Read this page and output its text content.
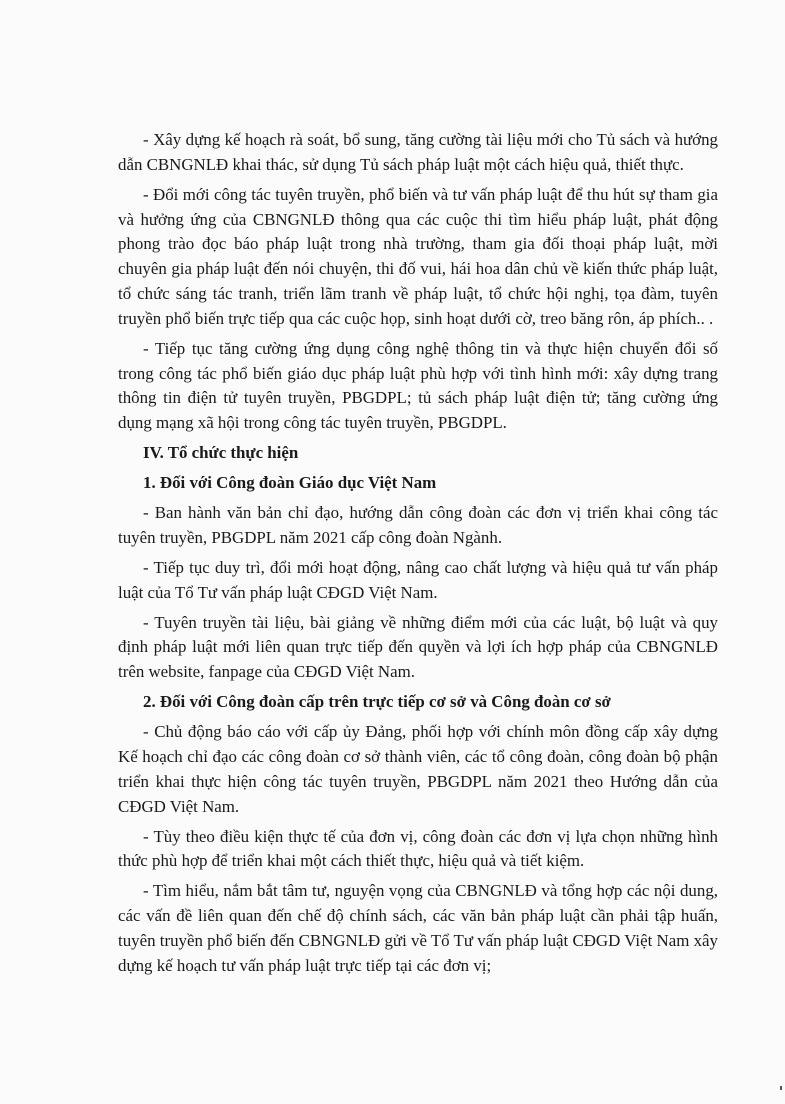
- Xây dựng kế hoạch rà soát, bổ sung, tăng cường tài liệu mới cho Tủ sách và hướng dẫn CBNGNLĐ khai thác, sử dụng Tủ sách pháp luật một cách hiệu quả, thiết thực.

- Đổi mới công tác tuyên truyền, phổ biến và tư vấn pháp luật để thu hút sự tham gia và hưởng ứng của CBNGNLĐ thông qua các cuộc thi tìm hiểu pháp luật, phát động phong trào đọc báo pháp luật trong nhà trường, tham gia đối thoại pháp luật, mời chuyên gia pháp luật đến nói chuyện, thi đố vui, hái hoa dân chủ về kiến thức pháp luật, tổ chức sáng tác tranh, triển lãm tranh về pháp luật, tổ chức hội nghị, tọa đàm, tuyên truyền phổ biến trực tiếp qua các cuộc họp, sinh hoạt dưới cờ, treo băng rôn, áp phích.. .

- Tiếp tục tăng cường ứng dụng công nghệ thông tin và thực hiện chuyển đổi số trong công tác phổ biến giáo dục pháp luật phù hợp với tình hình mới: xây dựng trang thông tin điện tử tuyên truyền, PBGDPL; tủ sách pháp luật điện tử; tăng cường ứng dụng mạng xã hội trong công tác tuyên truyền, PBGDPL.

IV. Tổ chức thực hiện

1. Đối với Công đoàn Giáo dục Việt Nam

- Ban hành văn bản chỉ đạo, hướng dẫn công đoàn các đơn vị triển khai công tác tuyên truyền, PBGDPL năm 2021 cấp công đoàn Ngành.

- Tiếp tục duy trì, đổi mới hoạt động, nâng cao chất lượng và hiệu quả tư vấn pháp luật của Tổ Tư vấn pháp luật CĐGD Việt Nam.

- Tuyên truyền tài liệu, bài giảng về những điểm mới của các luật, bộ luật và quy định pháp luật mới liên quan trực tiếp đến quyền và lợi ích hợp pháp của CBNGNLĐ trên website, fanpage của CĐGD Việt Nam.

2. Đối với Công đoàn cấp trên trực tiếp cơ sở và Công đoàn cơ sở

- Chủ động báo cáo với cấp ủy Đảng, phối hợp với chính môn đồng cấp xây dựng Kế hoạch chỉ đạo các công đoàn cơ sở thành viên, các tổ công đoàn, công đoàn bộ phận triển khai thực hiện công tác tuyên truyền, PBGDPL năm 2021 theo Hướng dẫn của CĐGD Việt Nam.

- Tùy theo điều kiện thực tế của đơn vị, công đoàn các đơn vị lựa chọn những hình thức phù hợp để triển khai một cách thiết thực, hiệu quả và tiết kiệm.

- Tìm hiểu, nắm bắt tâm tư, nguyện vọng của CBNGNLĐ và tổng hợp các nội dung, các vấn đề liên quan đến chế độ chính sách, các văn bản pháp luật cần phải tập huấn, tuyên truyền phổ biến đến CBNGNLĐ gửi về Tổ Tư vấn pháp luật CĐGD Việt Nam xây dựng kế hoạch tư vấn pháp luật trực tiếp tại các đơn vị;
